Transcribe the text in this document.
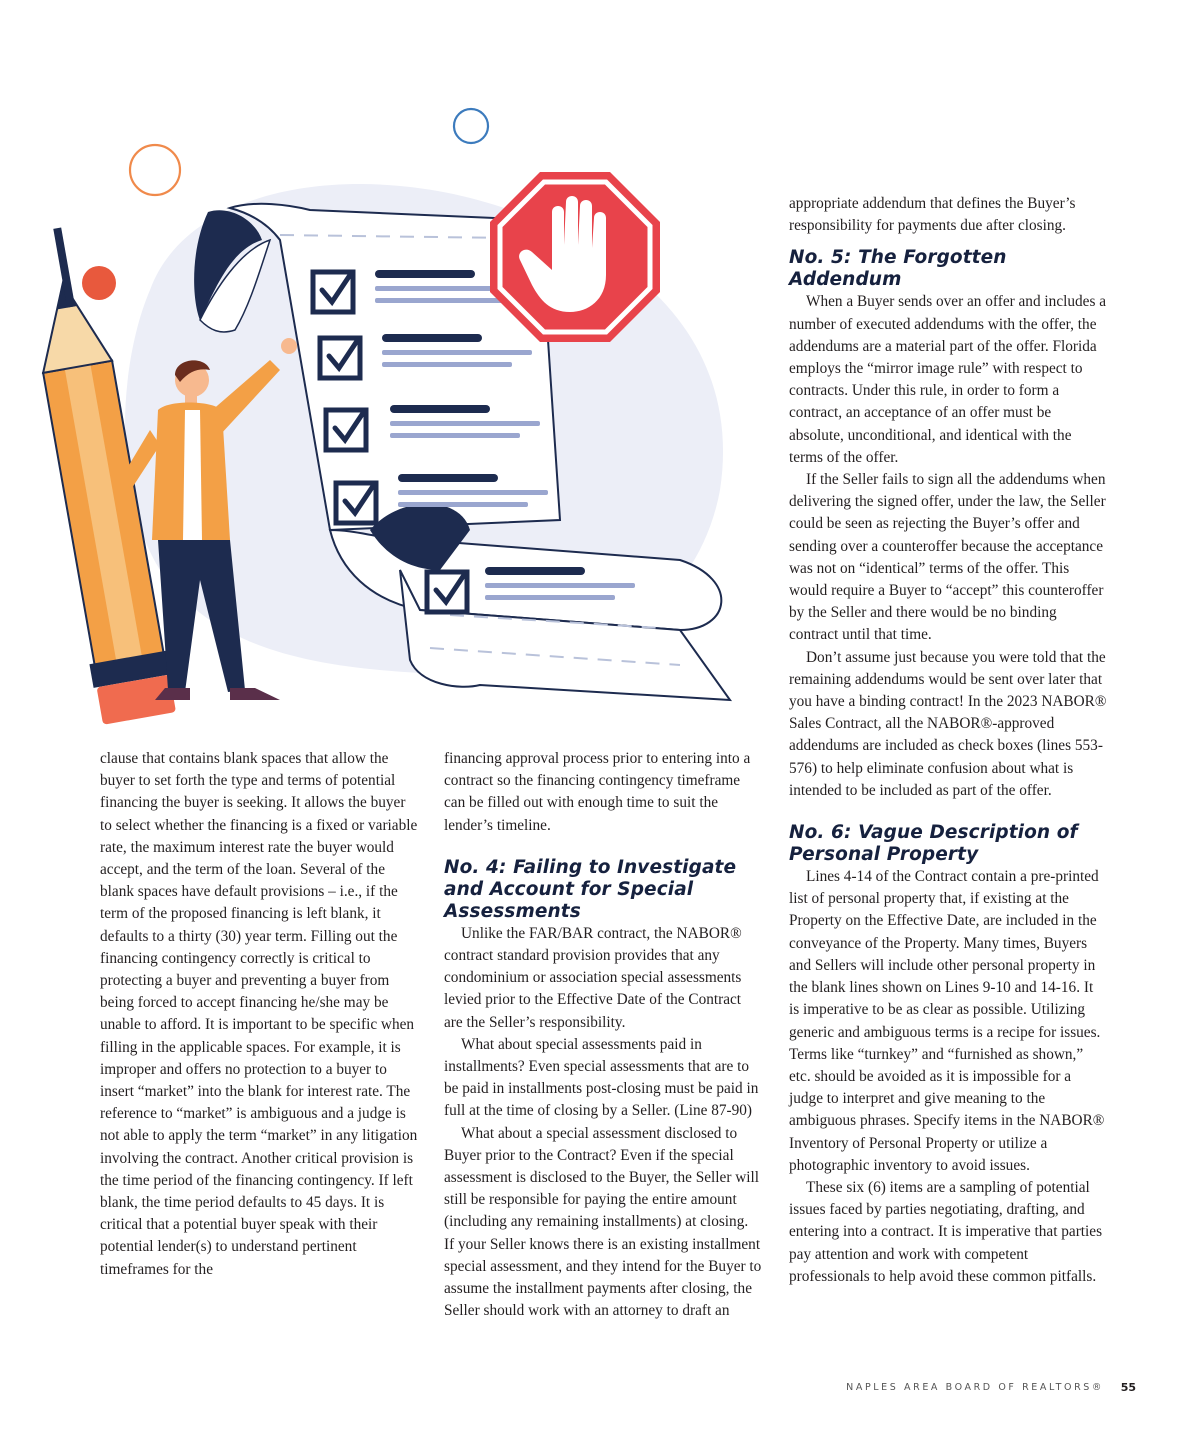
clause that contains blank spaces that allow the buyer to set forth the type and terms of potential financing the buyer is seeking. It allows the buyer to select whether the financing is a fixed or variable rate, the maximum interest rate the buyer would accept, and the term of the loan. Several of the blank spaces have default provisions – i.e., if the term of the proposed financing is left blank, it defaults to a thirty (30) year term. Filling out the financing contingency correctly is critical to protecting a buyer and preventing a buyer from being forced to accept financing he/she may be unable to afford. It is important to be specific when filling in the applicable spaces. For example, it is improper and offers no protection to a buyer to insert “market” into the blank for interest rate. The reference to “market” is ambiguous and a judge is not able to apply the term “market” in any litigation involving the contract. Another critical provision is the time period of the financing contingency. If left blank, the time period defaults to 45 days. It is critical that a potential buyer speak with their potential lender(s) to understand pertinent timeframes for the

financing approval process prior to entering into a contract so the financing contingency timeframe can be filled out with enough time to suit the lender’s timeline.

No. 4: Failing to Investigate and Account for Special Assessments

Unlike the FAR/BAR contract, the NABOR® contract standard provision provides that any condominium or association special assessments levied prior to the Effective Date of the Contract are the Seller’s responsibility.

What about special assessments paid in installments? Even special assessments that are to be paid in installments post-closing must be paid in full at the time of closing by a Seller. (Line 87-90)

What about a special assessment disclosed to Buyer prior to the Contract? Even if the special assessment is disclosed to the Buyer, the Seller will still be responsible for paying the entire amount (including any remaining installments) at closing. If your Seller knows there is an existing installment special assessment, and they intend for the Buyer to assume the installment payments after closing, the Seller should work with an attorney to draft an

appropriate addendum that defines the Buyer’s responsibility for payments due after closing.

No. 5: The Forgotten Addendum

When a Buyer sends over an offer and includes a number of executed addendums with the offer, the addendums are a material part of the offer. Florida employs the “mirror image rule” with respect to contracts. Under this rule, in order to form a contract, an acceptance of an offer must be absolute, unconditional, and identical with the terms of the offer.

If the Seller fails to sign all the addendums when delivering the signed offer, under the law, the Seller could be seen as rejecting the Buyer’s offer and sending over a counteroffer because the acceptance was not on “identical” terms of the offer. This would require a Buyer to “accept” this counteroffer by the Seller and there would be no binding contract until that time.

Don’t assume just because you were told that the remaining addendums would be sent over later that you have a binding contract! In the 2023 NABOR® Sales Contract, all the NABOR®-approved addendums are included as check boxes (lines 553-576) to help eliminate confusion about what is intended to be included as part of the offer.

No. 6: Vague Description of Personal Property

Lines 4-14 of the Contract contain a pre-printed list of personal property that, if existing at the Property on the Effective Date, are included in the conveyance of the Property. Many times, Buyers and Sellers will include other personal property in the blank lines shown on Lines 9-10 and 14-16. It is imperative to be as clear as possible. Utilizing generic and ambiguous terms is a recipe for issues. Terms like “turnkey” and “furnished as shown,” etc. should be avoided as it is impossible for a judge to interpret and give meaning to the ambiguous phrases. Specify items in the NABOR® Inventory of Personal Property or utilize a photographic inventory to avoid issues.

These six (6) items are a sampling of potential issues faced by parties negotiating, drafting, and entering into a contract. It is imperative that parties pay attention and work with competent professionals to help avoid these common pitfalls.

NAPLES AREA BOARD OF REALTORS® 55
